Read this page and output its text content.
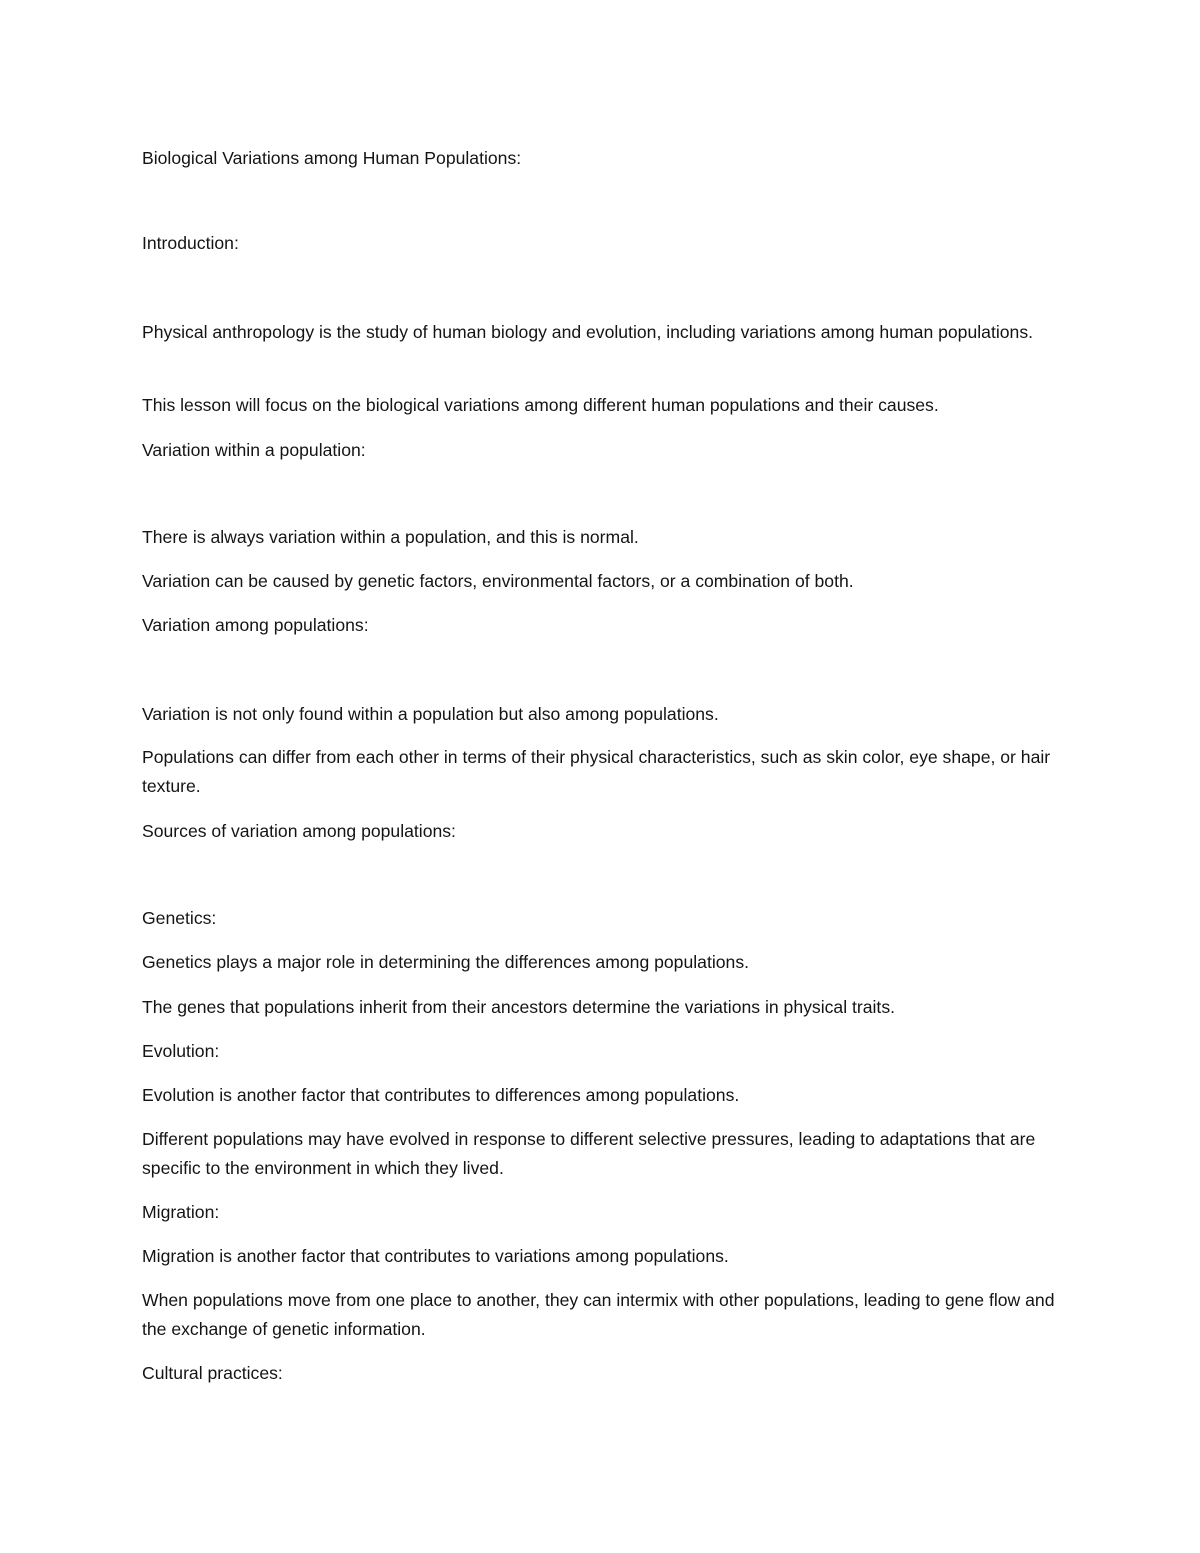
Biological Variations among Human Populations:

Introduction:

Physical anthropology is the study of human biology and evolution, including variations among human populations.

This lesson will focus on the biological variations among different human populations and their causes.

Variation within a population:

There is always variation within a population, and this is normal.

Variation can be caused by genetic factors, environmental factors, or a combination of both.

Variation among populations:

Variation is not only found within a population but also among populations.

Populations can differ from each other in terms of their physical characteristics, such as skin color, eye shape, or hair texture.

Sources of variation among populations:

Genetics:

Genetics plays a major role in determining the differences among populations.

The genes that populations inherit from their ancestors determine the variations in physical traits.

Evolution:

Evolution is another factor that contributes to differences among populations.

Different populations may have evolved in response to different selective pressures, leading to adaptations that are specific to the environment in which they lived.

Migration:

Migration is another factor that contributes to variations among populations.

When populations move from one place to another, they can intermix with other populations, leading to gene flow and the exchange of genetic information.

Cultural practices:
